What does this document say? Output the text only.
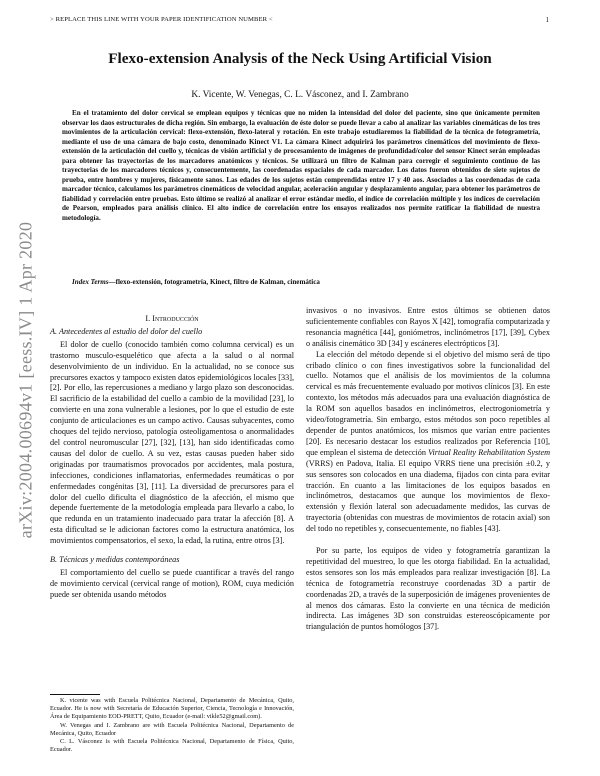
> REPLACE THIS LINE WITH YOUR PAPER IDENTIFICATION NUMBER <	1
arXiv:2004.00694v1 [eess.IV] 1 Apr 2020
Flexo-extension Analysis of the Neck Using Artificial Vision
K. Vicente, W. Venegas, C. L. Vásconez, and I. Zambrano
En el tratamiento del dolor cervical se emplean equipos y técnicas que no miden la intensidad del dolor del paciente, sino que únicamente permiten observar los daos estructurales de dicha región. Sin embargo, la evaluación de éste dolor se puede llevar a cabo al analizar las variables cinemáticas de los tres movimientos de la articulación cervical: flexo-extensión, flexo-lateral y rotación. En este trabajo estudiaremos la fiabilidad de la técnica de fotogrametría, mediante el uso de una cámara de bajo costo, denominado Kinect V1. La cámara Kinect adquirirá los parámetros cinemáticos del movimiento de flexo-extensión de la articulación del cuello y, técnicas de visión artificial y de procesamiento de imágenes de profundidad/color del sensor Kinect serán empleadas para obtener las trayectorias de los marcadores anatómicos y técnicos. Se utilizará un filtro de Kalman para corregir el seguimiento continuo de las trayectorias de los marcadores técnicos y, consecuentemente, las coordenadas espaciales de cada marcador. Los datos fueron obtenidos de siete sujetos de prueba, entre hombres y mujeres, físicamente sanos. Las edades de los sujetos están comprendidas entre 17 y 40 aos. Asociados a las coordenadas de cada marcador técnico, calculamos los parámetros cinemáticos de velocidad angular, aceleración angular y desplazamiento angular, para obtener los parámetros de fiabilidad y correlación entre pruebas. Esto último se realizó al analizar el error estándar medio, el índice de correlación múltiple y los índices de correlación de Pearson, empleados para análisis clínico. El alto índice de correlación entre los ensayos realizados nos permite ratificar la fiabilidad de nuestra metodología.
Index Terms—flexo-extensión, fotogrametría, Kinect, filtro de Kalman, cinemática
I. Introducción
A. Antecedentes al estudio del dolor del cuello

El dolor de cuello (conocido también como columna cervical) es un trastorno musculo-esquelético que afecta a la salud o al normal desenvolvimiento de un individuo. En la actualidad, no se conoce sus precursores exactos y tampoco existen datos epidemiológicos locales [33], [2]. Por ello, las repercusiones a mediano y largo plazo son desconocidas. El sacrificio de la estabilidad del cuello a cambio de la movilidad [23], lo convierte en una zona vulnerable a lesiones, por lo que el estudio de este conjunto de articulaciones es un campo activo. Causas subyacentes, como choques del tejido nervioso, patología osteoligamentosa o anormalidades del control neuromuscular [27], [32], [13], han sido identificadas como causas del dolor de cuello. A su vez, estas causas pueden haber sido originadas por traumatismos provocados por accidentes, mala postura, infecciones, condiciones inflamatorias, enfermedades reumáticas o por enfermedades congénitas [3], [11]. La diversidad de precursores para el dolor del cuello dificulta el diagnóstico de la afección, el mismo que depende fuertemente de la metodología empleada para llevarlo a cabo, lo que redunda en un tratamiento inadecuado para tratar la afección [8]. A esta dificultad se le adicionan factores como la estructura anatómica, los movimientos compensatorios, el sexo, la edad, la rutina, entre otros [3].

B. Técnicas y medidas contemporáneas

El comportamiento del cuello se puede cuantificar a través del rango de movimiento cervical (cervical range of motion), ROM, cuya medición puede ser obtenida usando métodos

K. vicente was with Escuela Politécnica Nacional, Departamento de Mecánica, Quito, Ecuador. He is now with Secretaría de Educación Superior, Ciencia, Tecnología e Innovación, Área de Equipamiento EOD-PRETT, Quito, Ecuador (e-mail: vikle52@gmail.com).
W. Venegas and I. Zambrano are with Escuela Politécnica Nacional, Departamento de Mecánica, Quito, Ecuador
C. L. Vásconez is with Escuela Politécnica Nacional, Departamento de Física, Quito, Ecuador.

invasivos o no invasivos. Entre estos últimos se obtienen datos suficientemente confiables con Rayos X [42], tomografía computarizada y resonancia magnética [44], goniómetros, inclinómetros [17], [39], Cybex o análisis cinemático 3D [34] y escáneres electrópticos [3].

La elección del método depende si el objetivo del mismo será de tipo cribado clínico o con fines investigativos sobre la funcionalidad del cuello. Notamos que el análisis de los movimientos de la columna cervical es más frecuentemente evaluado por motivos clínicos [3]. En este contexto, los métodos más adecuados para una evaluación diagnóstica de la ROM son aquellos basados en inclinómetros, electrogoniometría y video/fotogrametría. Sin embargo, estos métodos son poco repetibles al depender de puntos anatómicos, los mismos que varían entre pacientes [20]. Es necesario destacar los estudios realizados por Referencia [10], que emplean el sistema de detección Virtual Reality Rehabilitation System (VRRS) en Padova, Italia. El equipo VRRS tiene una precisión ±0.2, y sus sensores son colocados en una diadema, fijados con cinta para evitar tracción. En cuanto a las limitaciones de los equipos basados en inclinómetros, destacamos que aunque los movimientos de flexo-extensión y flexión lateral son adecuadamente medidos, las curvas de trayectoria (obtenidas con muestras de movimientos de rotacin axial) son del todo no repetibles y, consecuentemente, no fiables [43].

Por su parte, los equipos de video y fotogrametría garantizan la repetitividad del muestreo, lo que les otorga fiabilidad. En la actualidad, estos sensores son los más empleados para realizar investigación [8]. La técnica de fotogrametría reconstruye coordenadas 3D a partir de coordenadas 2D, a través de la superposición de imágenes provenientes de al menos dos cámaras. Esto la convierte en una técnica de medición indirecta. Las imágenes 3D son construidas estereoscópicamente por triangulación de puntos homólogos [37].
